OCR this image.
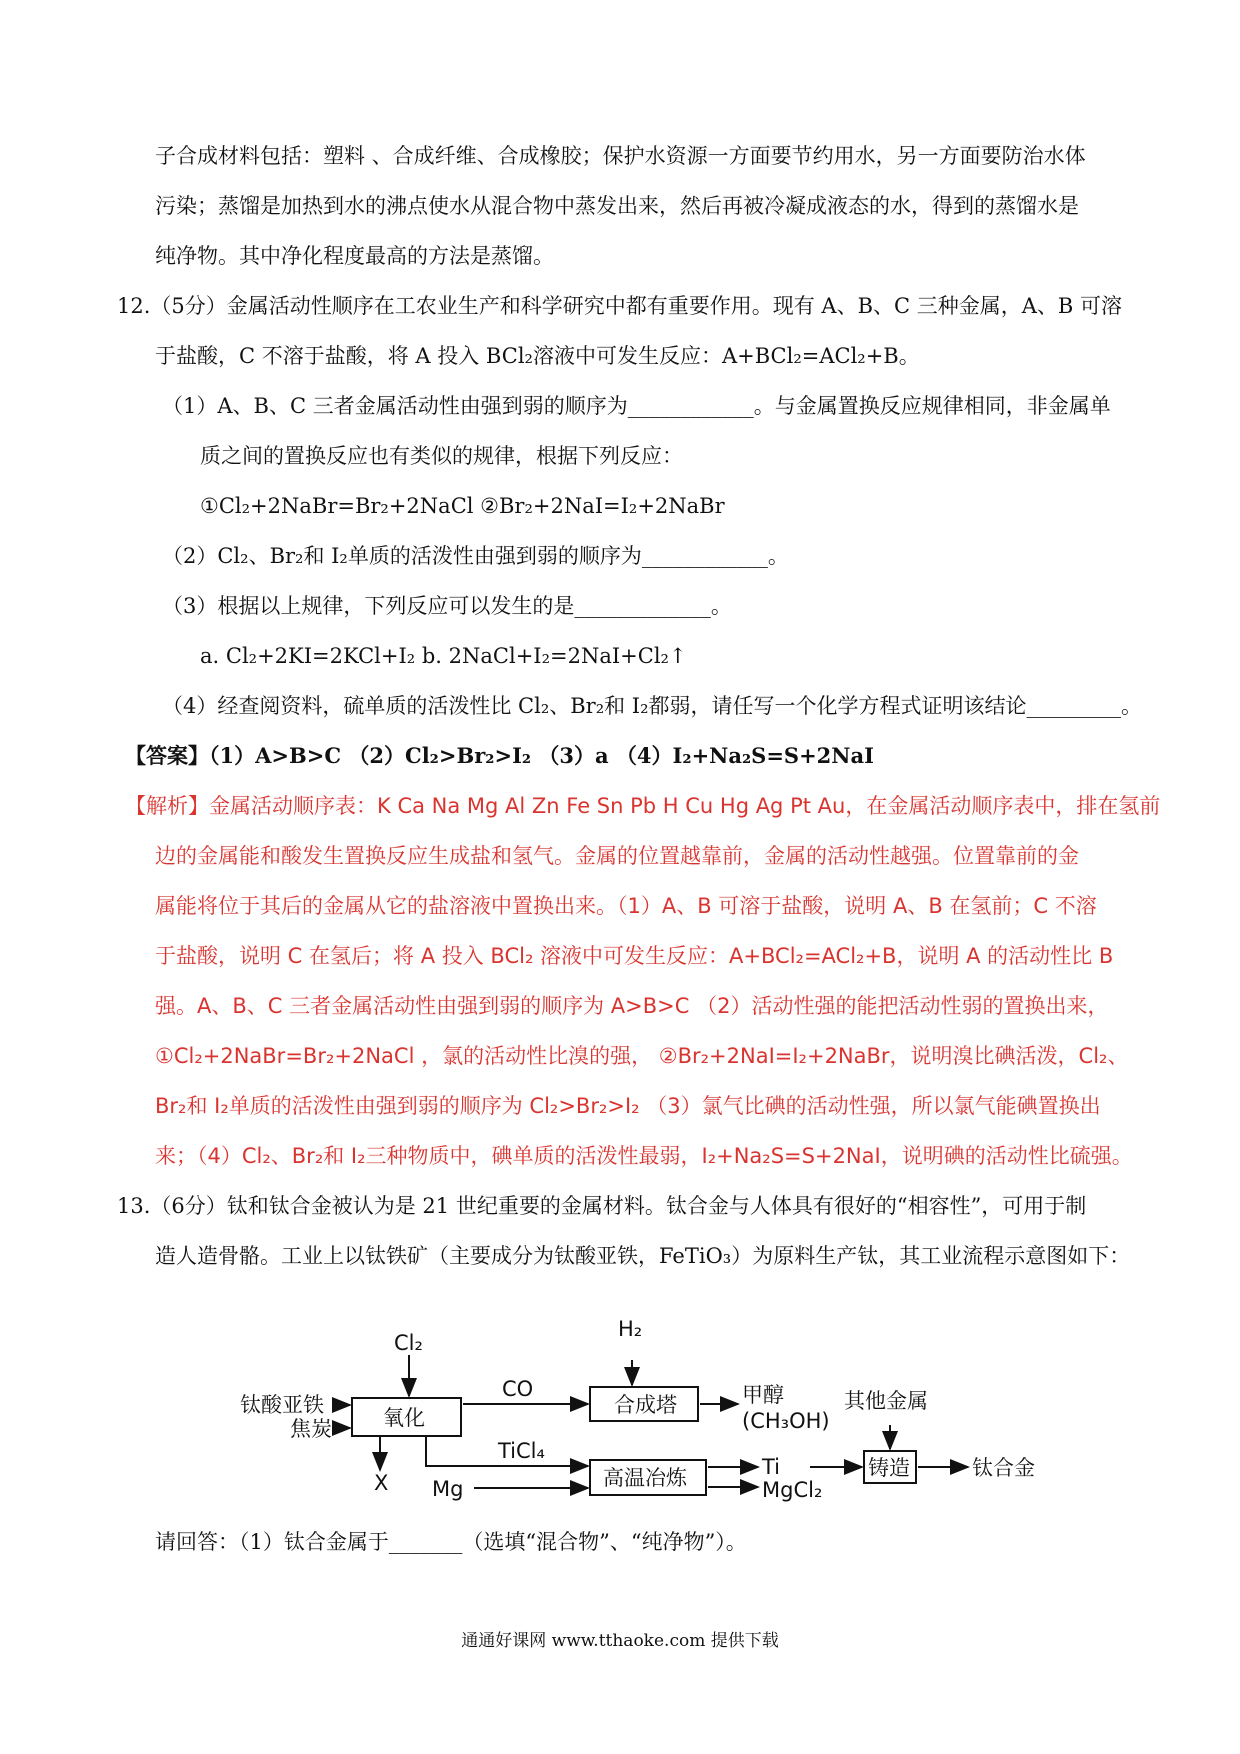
子合成材料包括：塑料 、合成纤维、合成橡胶；保护水资源一方面要节约用水，另一方面要防治水体
污染；蒸馏是加热到水的沸点使水从混合物中蒸发出来，然后再被冷凝成液态的水，得到的蒸馏水是
纯净物。其中净化程度最高的方法是蒸馏。
12.（5分）金属活动性顺序在工农业生产和科学研究中都有重要作用。现有 A、B、C 三种金属，A、B 可溶
于盐酸，C 不溶于盐酸，将 A 投入 BCl₂溶液中可发生反应：A+BCl₂=ACl₂+B。
（1）A、B、C 三者金属活动性由强到弱的顺序为____________。与金属置换反应规律相同，非金属单
质之间的置换反应也有类似的规律，根据下列反应：
①Cl₂+2NaBr=Br₂+2NaCl ②Br₂+2NaI=I₂+2NaBr
（2）Cl₂、Br₂和 I₂单质的活泼性由强到弱的顺序为____________。
（3）根据以上规律，下列反应可以发生的是_____________。
a. Cl₂+2KI=2KCl+I₂ b. 2NaCl+I₂=2NaI+Cl₂↑
（4）经查阅资料，硫单质的活泼性比 Cl₂、Br₂和 I₂都弱，请任写一个化学方程式证明该结论_________。
【答案】（1）A>B>C （2）Cl₂>Br₂>I₂ （3）a （4）I₂+Na₂S=S+2NaI
【解析】金属活动顺序表：K Ca Na Mg Al Zn Fe Sn Pb H Cu Hg Ag Pt Au，在金属活动顺序表中，排在氢前
边的金属能和酸发生置换反应生成盐和氢气。金属的位置越靠前，金属的活动性越强。位置靠前的金
属能将位于其后的金属从它的盐溶液中置换出来。（1）A、B 可溶于盐酸，说明 A、B 在氢前；C 不溶
于盐酸，说明 C 在氢后；将 A 投入 BCl₂ 溶液中可发生反应：A+BCl₂=ACl₂+B，说明 A 的活动性比 B
强。A、B、C 三者金属活动性由强到弱的顺序为 A>B>C （2）活动性强的能把活动性弱的置换出来，
①Cl₂+2NaBr=Br₂+2NaCl ，氯的活动性比溴的强， ②Br₂+2NaI=I₂+2NaBr，说明溴比碘活泼，Cl₂、
Br₂和 I₂单质的活泼性由强到弱的顺序为 Cl₂>Br₂>I₂ （3）氯气比碘的活动性强，所以氯气能碘置换出
来；（4）Cl₂、Br₂和 I₂三种物质中，碘单质的活泼性最弱，I₂+Na₂S=S+2NaI，说明碘的活动性比硫强。
13.（6分）钛和钛合金被认为是 21 世纪重要的金属材料。钛合金与人体具有很好的“相容性”，可用于制
造人造骨骼。工业上以钛铁矿（主要成分为钛酸亚铁，FeTiO₃）为原料生产钛，其工业流程示意图如下：
请回答：（1）钛合金属于_______（选填“混合物”、“纯净物”）。
钛酸亚铁
焦炭
Cl₂
氧化
X
CO
合成塔
H₂
甲醇
(CH₃OH)
TiCl₄
Mg	高温冶炼	Ti
MgCl₂
其他金属
铸造	钛合金
通通好课网 www.tthaoke.com 提供下载
